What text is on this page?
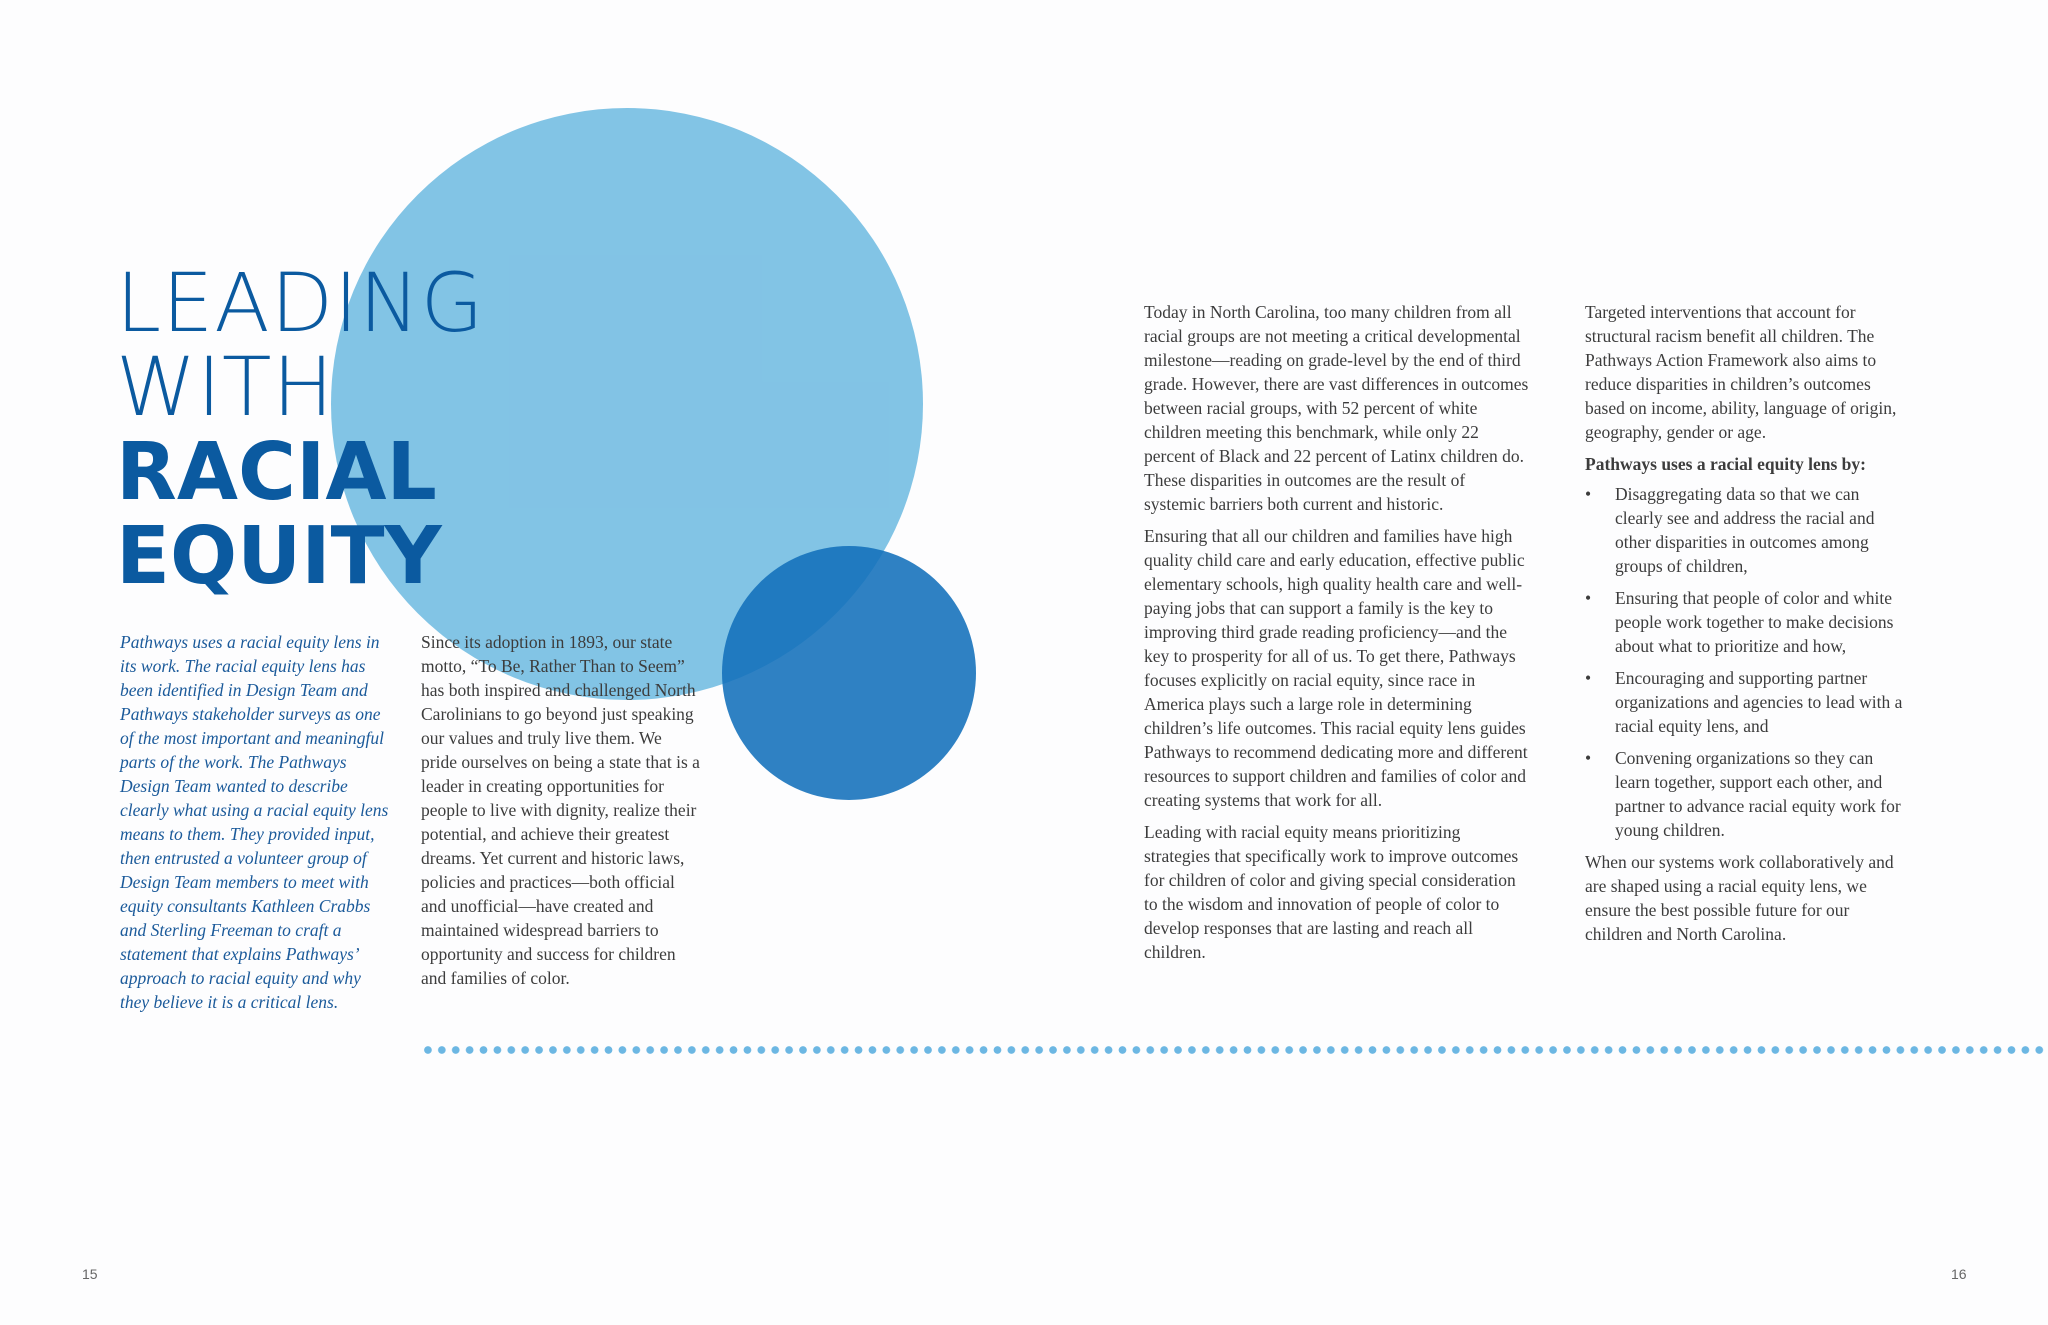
LEADING
WITH
RACIAL
EQUITY

Pathways uses a racial equity lens in its work. The racial equity lens has been identified in Design Team and Pathways stakeholder surveys as one of the most important and meaningful parts of the work. The Pathways Design Team wanted to describe clearly what using a racial equity lens means to them. They provided input, then entrusted a volunteer group of Design Team members to meet with equity consultants Kathleen Crabbs and Sterling Freeman to craft a statement that explains Pathways’ approach to racial equity and why they believe it is a critical lens.

Since its adoption in 1893, our state motto, “To Be, Rather Than to Seem” has both inspired and challenged North Carolinians to go beyond just speaking our values and truly live them. We pride ourselves on being a state that is a leader in creating opportunities for people to live with dignity, realize their potential, and achieve their greatest dreams. Yet current and historic laws, policies and practices—both official and unofficial—have created and maintained widespread barriers to opportunity and success for children and families of color.

Today in North Carolina, too many children from all racial groups are not meeting a critical developmental milestone—reading on grade-level by the end of third grade. However, there are vast differences in outcomes between racial groups, with 52 percent of white children meeting this benchmark, while only 22 percent of Black and 22 percent of Latinx children do. These disparities in outcomes are the result of systemic barriers both current and historic.

Ensuring that all our children and families have high quality child care and early education, effective public elementary schools, high quality health care and well-paying jobs that can support a family is the key to improving third grade reading proficiency—and the key to prosperity for all of us. To get there, Pathways focuses explicitly on racial equity, since race in America plays such a large role in determining children’s life outcomes. This racial equity lens guides Pathways to recommend dedicating more and different resources to support children and families of color and creating systems that work for all.

Leading with racial equity means prioritizing strategies that specifically work to improve outcomes for children of color and giving special consideration to the wisdom and innovation of people of color to develop responses that are lasting and reach all children.

Targeted interventions that account for structural racism benefit all children. The Pathways Action Framework also aims to reduce disparities in children’s outcomes based on income, ability, language of origin, geography, gender or age.

Pathways uses a racial equity lens by:

• Disaggregating data so that we can clearly see and address the racial and other disparities in outcomes among groups of children,
• Ensuring that people of color and white people work together to make decisions about what to prioritize and how,
• Encouraging and supporting partner organizations and agencies to lead with a racial equity lens, and
• Convening organizations so they can learn together, support each other, and partner to advance racial equity work for young children.

When our systems work collaboratively and are shaped using a racial equity lens, we ensure the best possible future for our children and North Carolina.

15	16
